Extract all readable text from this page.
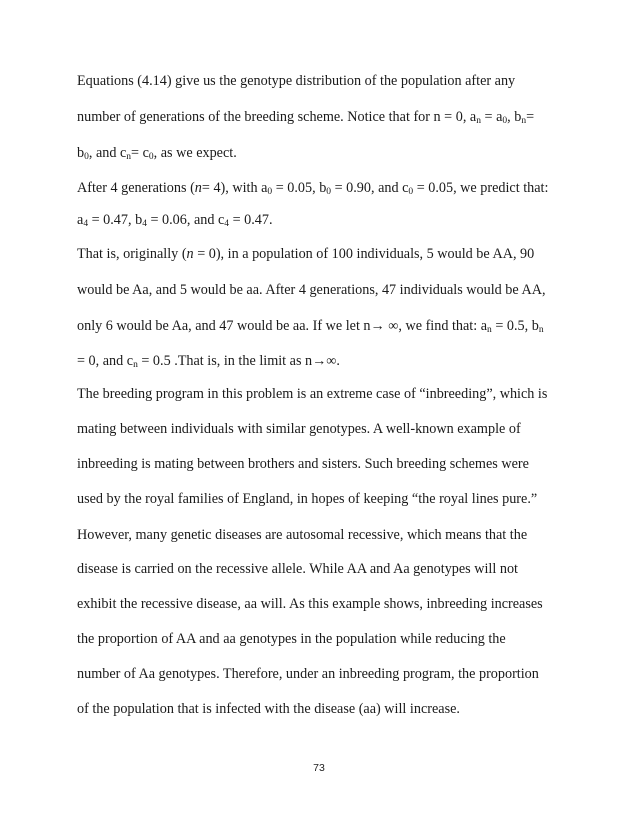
Equations (4.14) give us the genotype distribution of the population after any
number of generations of the breeding scheme. Notice that for n = 0, an = a0, bn=
b0, and cn= c0, as we expect.
After 4 generations (n= 4), with a0 = 0.05, b0 = 0.90, and c0 = 0.05, we predict that:
a4 = 0.47, b4 = 0.06, and c4 = 0.47.
That is, originally (n = 0), in a population of 100 individuals, 5 would be AA, 90
would be Aa, and 5 would be aa. After 4 generations, 47 individuals would be AA,
only 6 would be Aa, and 47 would be aa. If we let n→ ∞, we find that: an = 0.5, bn
= 0, and cn = 0.5 .That is, in the limit as n→∞.
The breeding program in this problem is an extreme case of “inbreeding”, which is
mating between individuals with similar genotypes. A well-known example of
inbreeding is mating between brothers and sisters. Such breeding schemes were
used by the royal families of England, in hopes of keeping “the royal lines pure.”
However, many genetic diseases are autosomal recessive, which means that the
disease is carried on the recessive allele. While AA and Aa genotypes will not
exhibit the recessive disease, aa will. As this example shows, inbreeding increases
the proportion of AA and aa genotypes in the population while reducing the
number of Aa genotypes. Therefore, under an inbreeding program, the proportion
of the population that is infected with the disease (aa) will increase.
73
